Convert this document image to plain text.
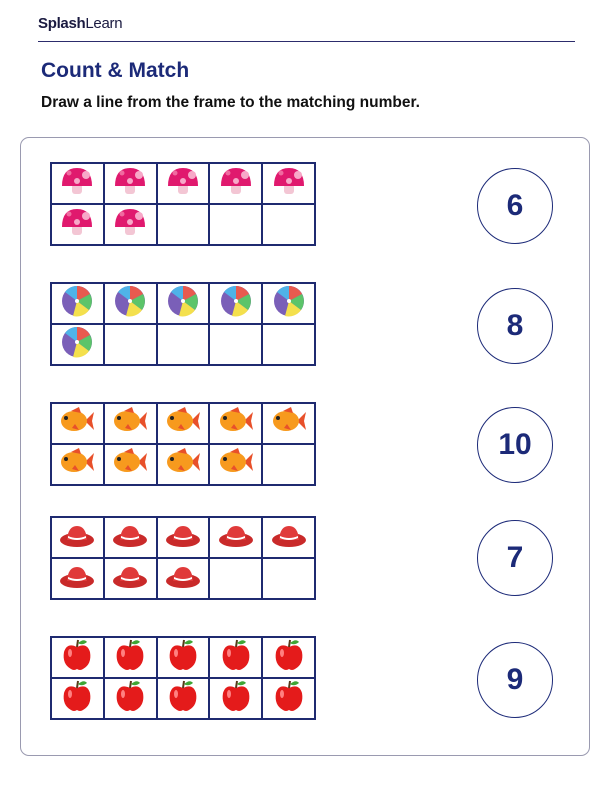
SplashLearn
Count & Match
Draw a line from the frame to the matching number.
6
8
10
7
9
